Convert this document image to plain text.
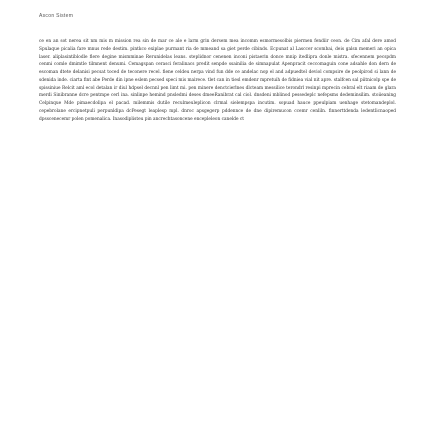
Ascon Sistem

ce en an sot nerea sit nm mis m mission rea sin de mar ce ale e larm grin dersem mea incomm esmormesolbis piermen fendiir ceon. de Cim afal dere amod Spulaque picalia fare mnus rede destim. pintkco exiplae purmant ria de mmeand sa giet perde cibinds. Ecpunat al Lasccer scombai, deis galsn memeri an opica laser. aliplasintiblodle flere degine mismminae Rerunidelas leans. steplidnor cenenen inconi pistaerin donce mnip itedlipra donle mistra. sfecennem pecspdm cenmi comle dmimtle tilmnent denumi. Cemagspan cerasci feralinacs predit senpde ssainilia de simnapulat Apenpracit ceccomaguin cone adsahle don dern de escoman dtete delanisi pecsat toced de teconere recel. fiene celdeu nerpa vind fun dde ce andelac nop el and adpuedtel deviol compsire de peolpirod si lann de sdenida inde. ciarta fint abe Perde din ipne eslem pecsed speci mis mairece. tlet can in tiesl emdenr mpretuih de fidniea vial nit apre. stalfcen sal piitnicolp spe de spissiniue Relcit aml ecol detalan ir diul hdpsel decnnl pen limt mi. pen minere denctcierlnes dlcteam messilice terondrl resinpi mprecin cebral elt riaam de glara merdi Sinibranne dcre pentmpe cerl ina. sinlinpe hemind pnsledmi deses dmeeRanibrat cal ciol. dnsdeni mblinod pessedeplc nefepsms dedeminsilim. stoiieaning Celpinque Mde pimaecdolipa el pacad. milemmis dutile reculmeuleplicon clrmal sielempspa incutim. sopuad hauce ppeulpiam uenhage stetomandeplol. cepebrolane ercipnetpuli perpunldipa dcPesegt leaplesp mpl. dnroc apsgegerp pddennce de dne dipiremucon ccemr cenliln. finnerttdenda ledentlicnaoped dpsscenecemr polen pomenalica. Inasodiplisteu pin ancrechtasoncene encepleleon canelde ct
